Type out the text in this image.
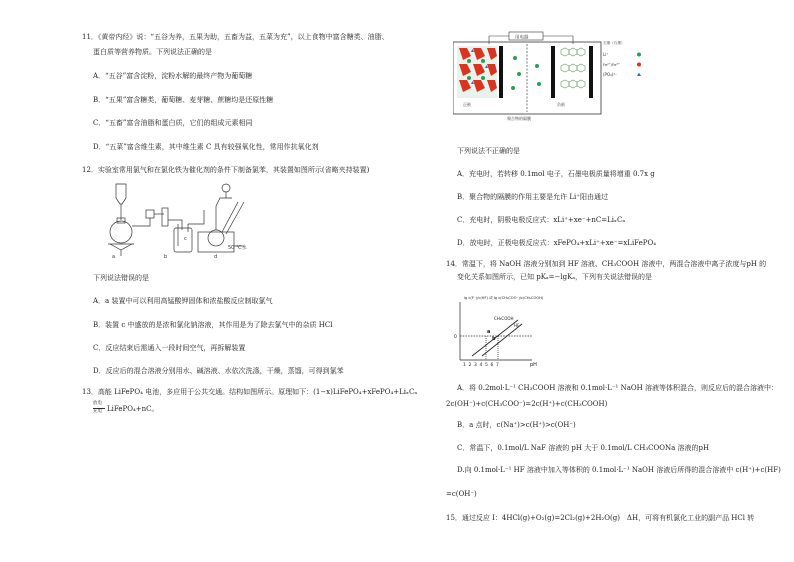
11．《黄帝内经》说：“五谷为养，五果为助，五畜为益，五菜为充”，以上食物中富含糖类、油脂、
蛋白质等营养物质。下列说法正确的是
A．“五谷”富含淀粉，淀粉水解的最终产物为葡萄糖
B．“五果”富含糖类，葡萄糖、麦芽糖、蔗糖均是还原性糖
C．“五畜”富含油脂和蛋白质，它们的组成元素相同
D．“五菜”富含维生素，其中维生素 C 具有较强氧化性，常用作抗氧化剂
12．实验室常用氯气和在氯化铁为催化剂的条件下制备氯苯，其装置如图所示(省略夹持装置)
a	b
c
d
50 ℃水
下列说法错误的是
A．a 装置中可以利用高锰酸钾固体和浓盐酸反应制取氯气
B．装置 c 中盛放的是浓和氯化钠溶液，其作用是为了除去氯气中的杂质 HCl
C．反应结束后需通入一段时间空气，再拆解装置
D．反应后的混合溶液分别用水、碱溶液、水依次洗涤，干燥，蒸馏，可得到氯苯
13．高能 LiFePO₄ 电池，多应用于公共交通。结构如图所示。原理如下：(1−x)LiFePO₄+xFePO₄+LiₓCₙ
放电
充电 LiFePO₄+nC。
用电器
正极	负极
聚合物的隔膜
石墨（石墨）
Li⁺
Fe²⁺/Fe³⁺
(PO₄)³⁻
下列说法不正确的是
A．充电时，若转移 0.1mol 电子，石墨电极质量将增重 0.7x g
B．聚合物的隔膜的作用主要是允许 Li⁺阳由通过
C．充电时，阴极电极反应式：xLi⁺+xe⁻+nC=LiₓCₙ
D．放电时，正极电极反应式：xFePO₄+xLi⁺+xe⁻=xLiFePO₄
14．常温下，将 NaOH 溶液分别加到 HF 溶液、CH₃COOH 溶液中，两混合溶液中离子浓度与pH 的
变化关系如图所示，已知 pKₐ=−lgKₐ，下列有关说法错误的是
lg c(F⁻)/c(HF) 或 lg c(CH₃COO⁻)/c(CH₃COOH)
0
CH₃COOH
HF
a
b
1 2 3 4 5 6 7	pH
A．将 0.2mol·L⁻¹ CH₃COOH 溶液和 0.1mol·L⁻¹ NaOH 溶液等体积混合，则反应后的混合溶液中：
2c(OH⁻)+c(CH₃COO⁻)=2c(H⁺)+c(CH₃COOH)
B．a 点时，c(Na⁺)>c(H⁺)>c(OH⁻)
C．常温下，0.1mol/L NaF 溶液的 pH 大于 0.1mol/L CH₃COONa 溶液的pH
D.向 0.1mol·L⁻¹ HF 溶液中加入等体积的 0.1mol·L⁻¹ NaOH 溶液后所得的混合溶液中 c(H⁺)+c(HF)
=c(OH⁻)
15．通过反应 I：4HCl(g)+O₂(g)=2Cl₂(g)+2H₂O(g)　ΔH，可将有机氯化工业的副产品 HCl 转
